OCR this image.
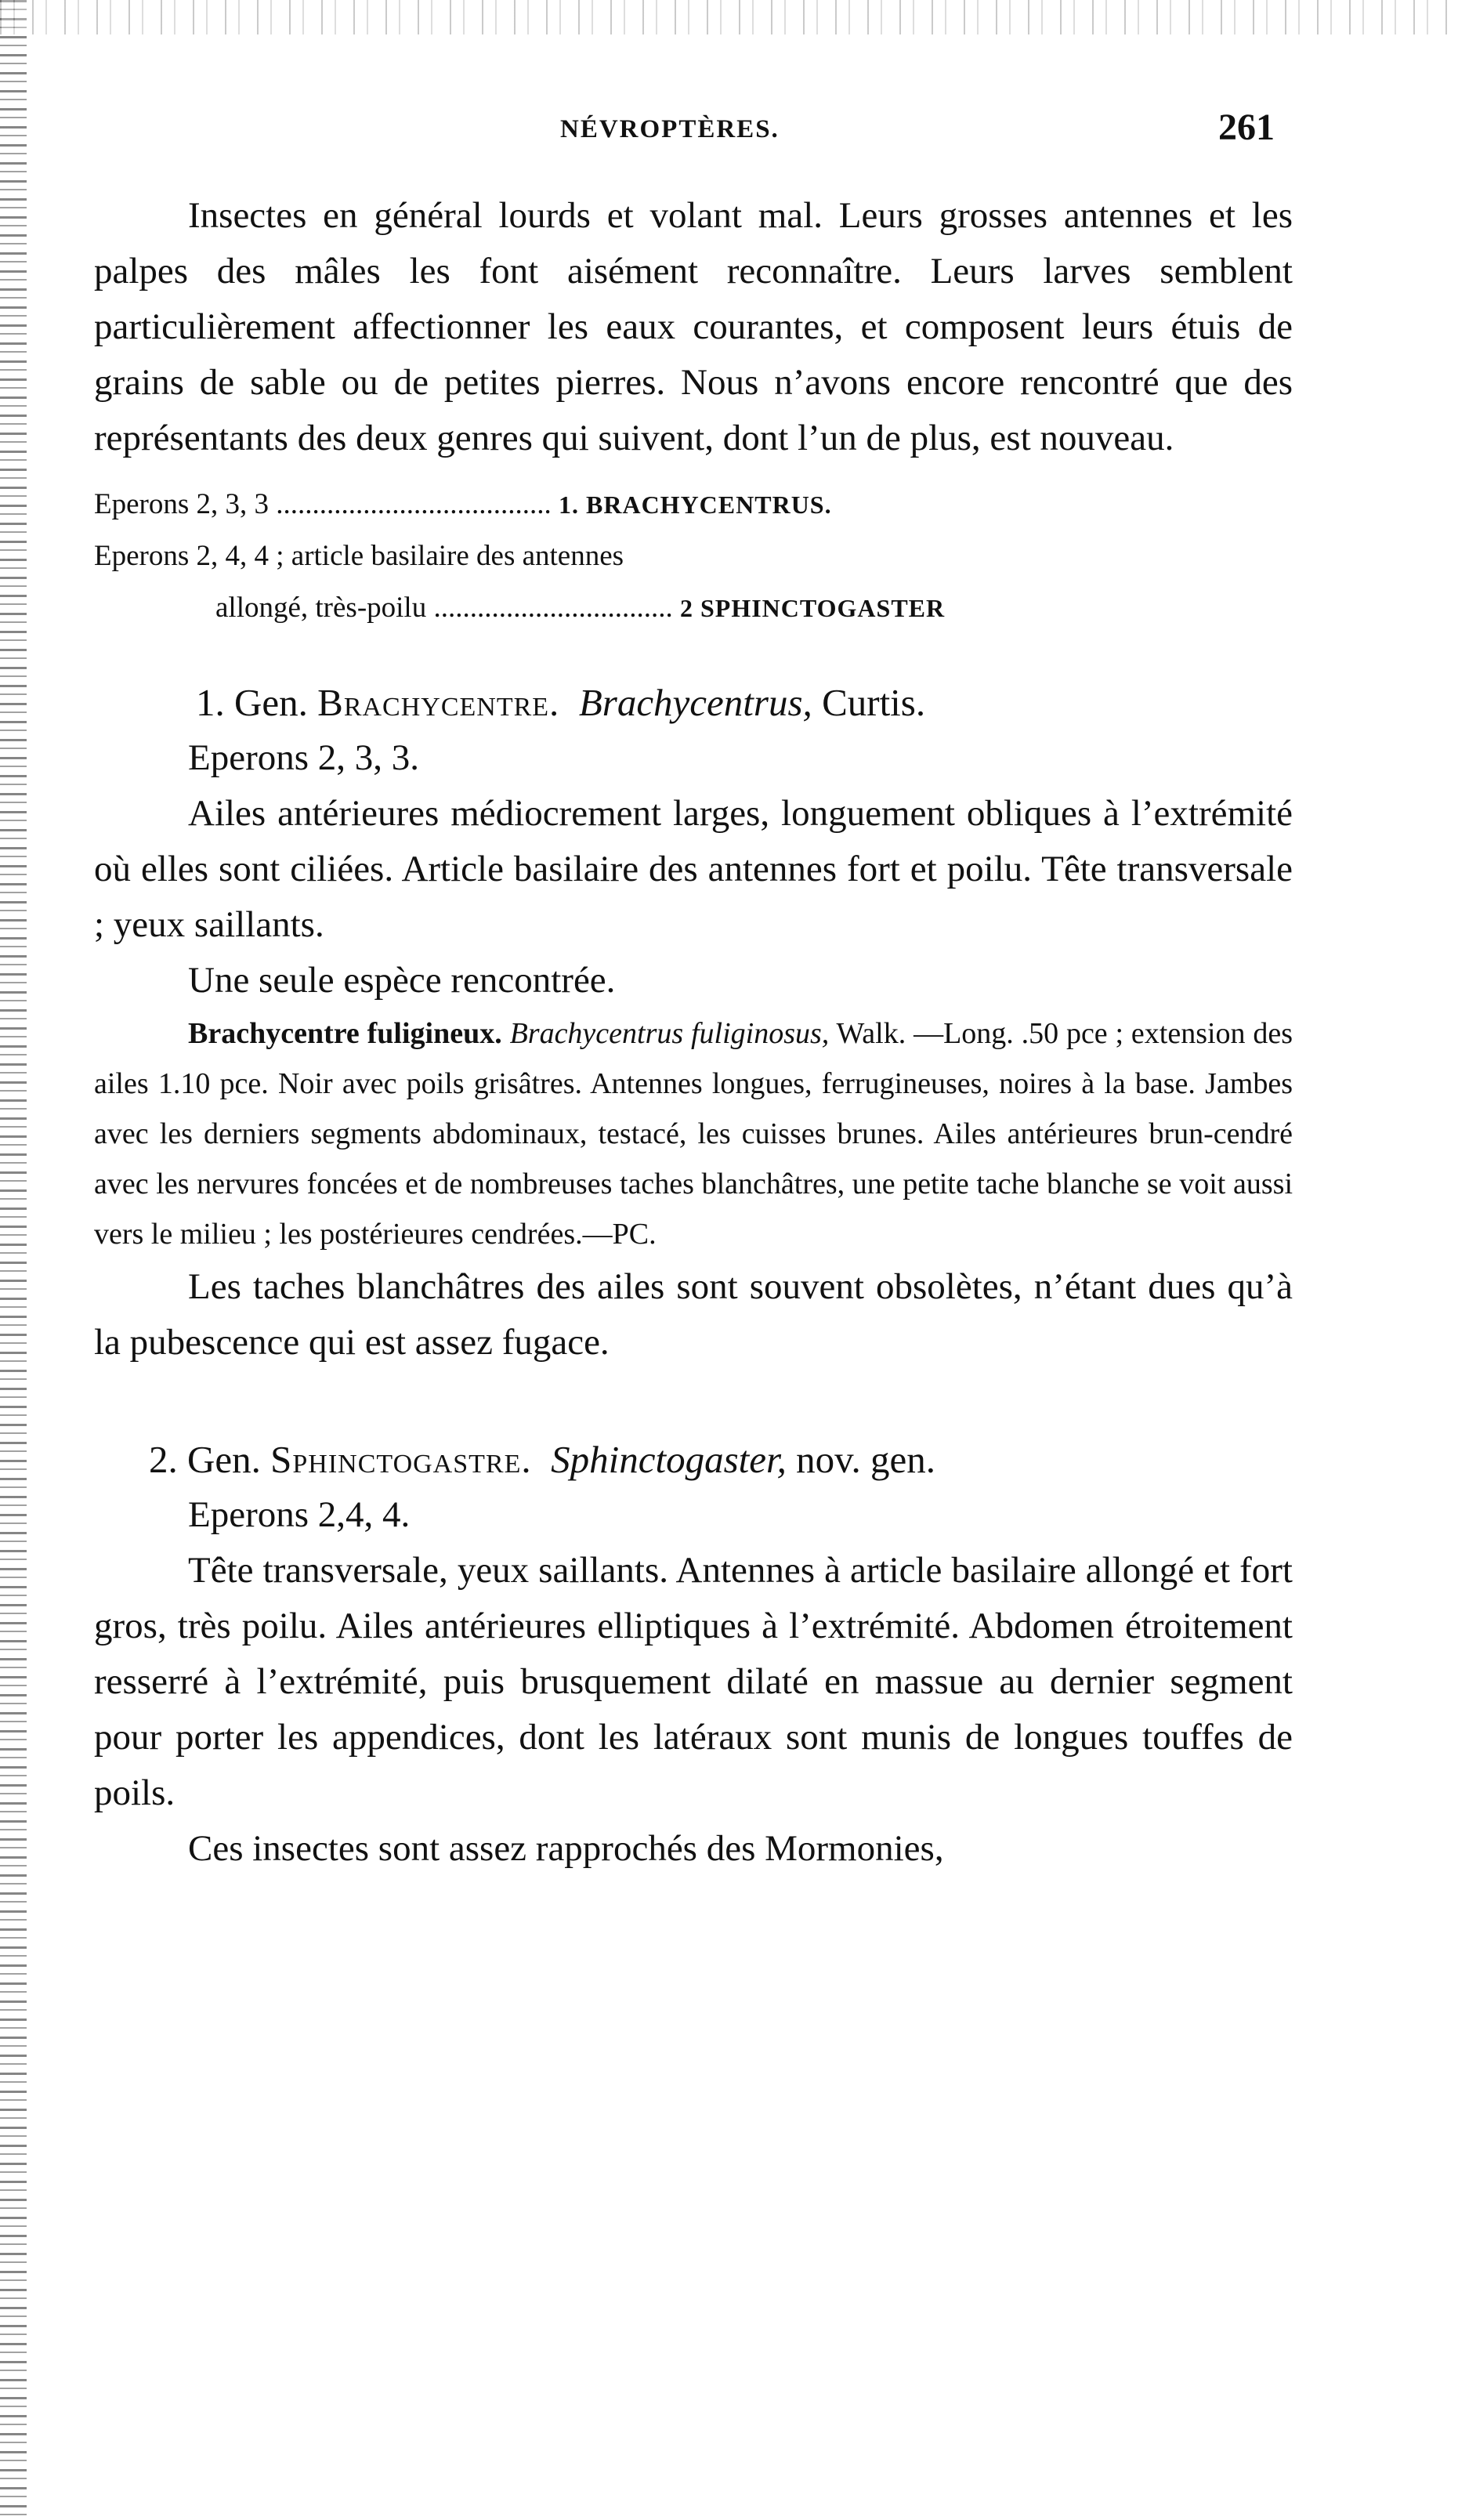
NÉVROPTÈRES.	261

Insectes en général lourds et volant mal. Leurs grosses antennes et les palpes des mâles les font aisément reconnaître. Leurs larves semblent particulièrement affectionner les eaux courantes, et composent leurs étuis de grains de sable ou de petites pierres. Nous n’avons encore rencontré que des représentants des deux genres qui suivent, dont l’un de plus, est nouveau.

Eperons 2, 3, 3 ...................................... 1. BRACHYCENTRUS.
Eperons 2, 4, 4 ; article basilaire des antennes
allongé, très-poilu ................................. 2 SPHINCTOGASTER
1. Gen. Brachycentre. Brachycentrus, Curtis.

Eperons 2, 3, 3.

Ailes antérieures médiocrement larges, longuement obliques à l’extrémité où elles sont ciliées. Article basilaire des antennes fort et poilu. Tête transversale ; yeux saillants.

Une seule espèce rencontrée.

Brachycentre fuligineux. Brachycentrus fuliginosus, Walk. —Long. .50 pce ; extension des ailes 1.10 pce. Noir avec poils grisâtres. Antennes longues, ferrugineuses, noires à la base. Jambes avec les derniers segments abdominaux, testacé, les cuisses brunes. Ailes antérieures brun-cendré avec les nervures foncées et de nombreuses taches blanchâtres, une petite tache blanche se voit aussi vers le milieu ; les postérieures cendrées.—PC.

Les taches blanchâtres des ailes sont souvent obsolètes, n’étant dues qu’à la pubescence qui est assez fugace.

2. Gen. Sphinctogastre. Sphinctogaster, nov. gen.

Eperons 2,4, 4.

Tête transversale, yeux saillants. Antennes à article basilaire allongé et fort gros, très poilu. Ailes antérieures elliptiques à l’extrémité. Abdomen étroitement resserré à l’extrémité, puis brusquement dilaté en massue au dernier segment pour porter les appendices, dont les latéraux sont munis de longues touffes de poils.

Ces insectes sont assez rapprochés des Mormonies,
